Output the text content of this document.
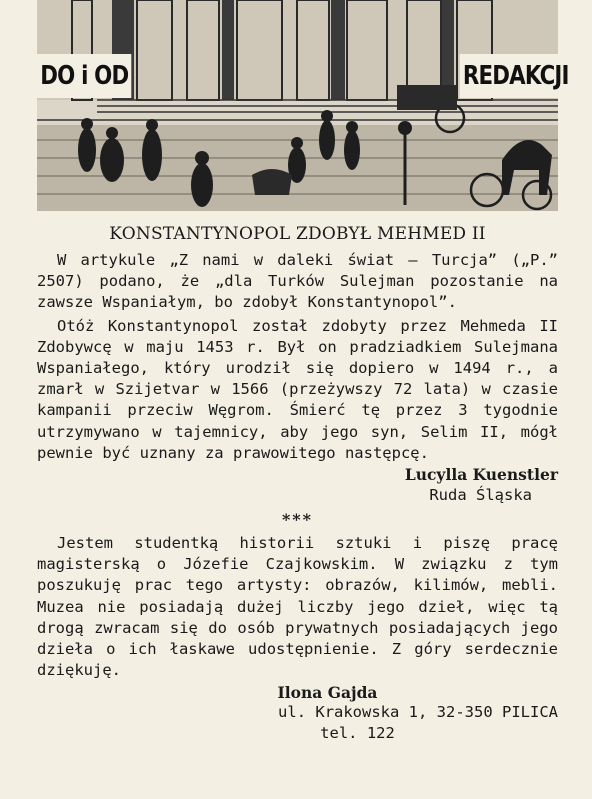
DO i OD	REDAKCJI
KONSTANTYNOPOL ZDOBYŁ MEHMED II

W artykule „Z nami w daleki świat — Turcja” („P.” 2507) podano, że „dla Turków Sulejman pozostanie na zawsze Wspaniałym, bo zdobył Konstantynopol”.

Otóż Konstantynopol został zdobyty przez Mehmeda II Zdobywcę w maju 1453 r. Był on pradziadkiem Sulejmana Wspaniałego, który urodził się dopiero w 1494 r., a zmarł w Szijetvar w 1566 (przeżywszy 72 lata) w czasie kampanii przeciw Węgrom. Śmierć tę przez 3 tygodnie utrzymywano w tajemnicy, aby jego syn, Selim II, mógł pewnie być uznany za prawowitego następcę.

Lucylla Kuenstler

Ruda Śląska

***

Jestem studentką historii sztuki i piszę pracę magisterską o Józefie Czajkowskim. W związku z tym poszukuję prac tego artysty: obrazów, kilimów, mebli. Muzea nie posiadają dużej liczby jego dzieł, więc tą drogą zwracam się do osób prywatnych posiadających jego dzieła o ich łaskawe udostępnienie. Z góry serdecznie dziękuję.

Ilona Gajda

ul. Krakowska 1, 32-350 PILICA

tel. 122
